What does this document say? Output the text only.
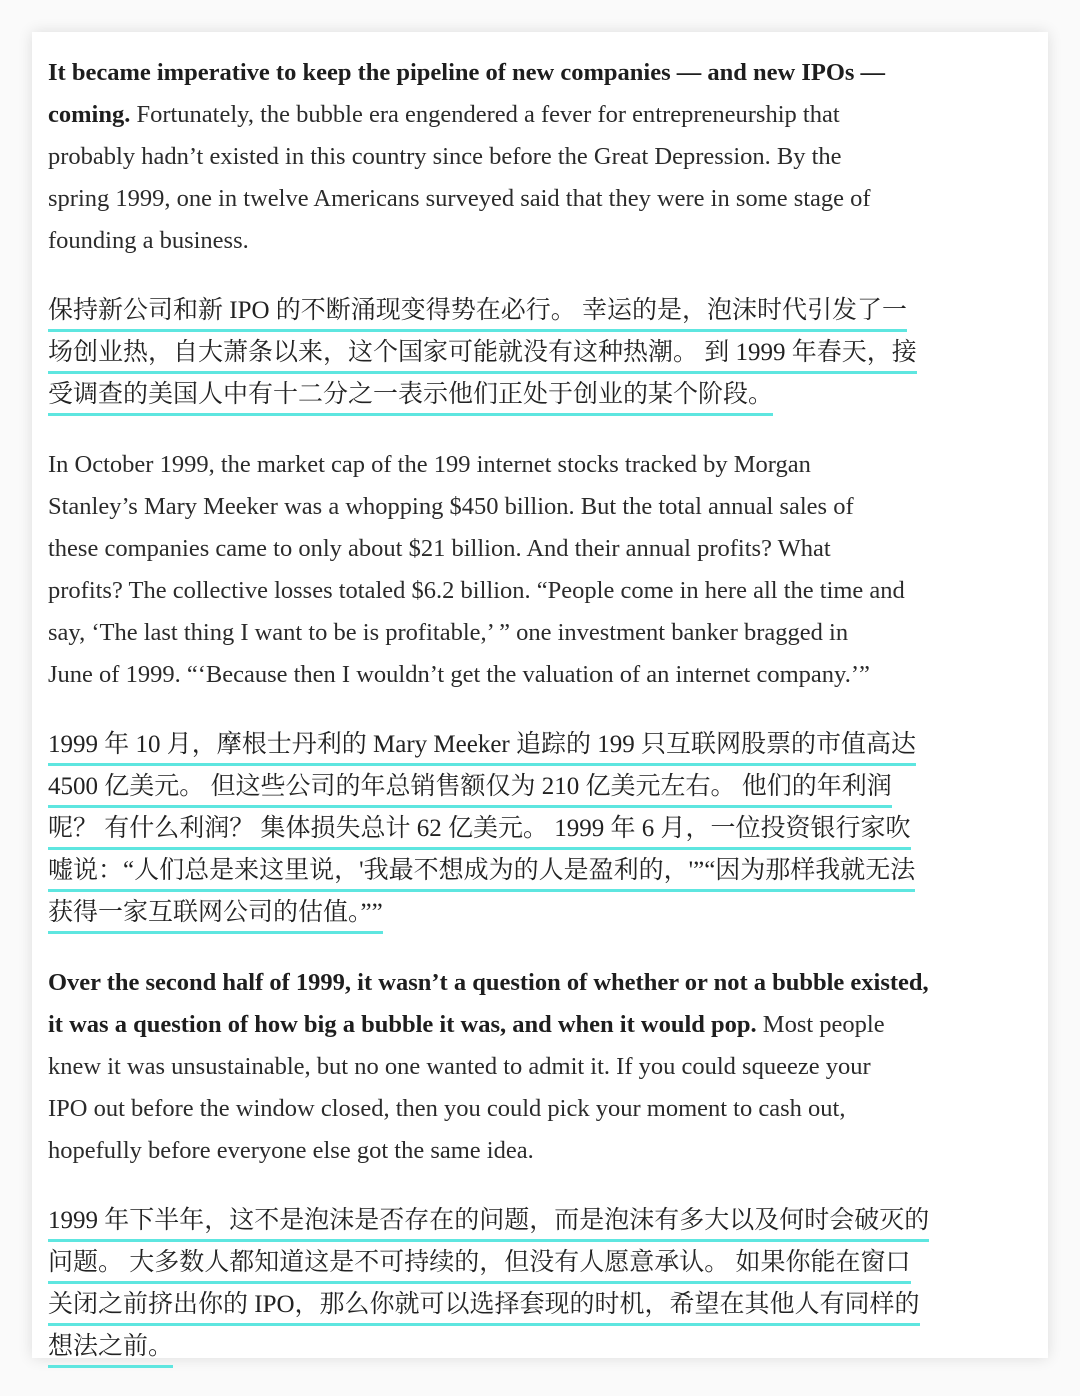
It became imperative to keep the pipeline of new companies — and new IPOs —
coming. Fortunately, the bubble era engendered a fever for entrepreneurship that
probably hadn’t existed in this country since before the Great Depression. By the
spring 1999, one in twelve Americans surveyed said that they were in some stage of
founding a business.
保持新公司和新 IPO 的不断涌现变得势在必行。 幸运的是，泡沫时代引发了一
场创业热，自大萧条以来，这个国家可能就没有这种热潮。 到 1999 年春天，接
受调查的美国人中有十二分之一表示他们正处于创业的某个阶段。
In October 1999, the market cap of the 199 internet stocks tracked by Morgan
Stanley’s Mary Meeker was a whopping $450 billion. But the total annual sales of
these companies came to only about $21 billion. And their annual profits? What
profits? The collective losses totaled $6.2 billion. “People come in here all the time and
say, ‘The last thing I want to be is profitable,’ ” one investment banker bragged in
June of 1999. “‘Because then I wouldn’t get the valuation of an internet company.’”
1999 年 10 月，摩根士丹利的 Mary Meeker 追踪的 199 只互联网股票的市值高达
4500 亿美元。 但这些公司的年总销售额仅为 210 亿美元左右。 他们的年利润
呢？ 有什么利润？ 集体损失总计 62 亿美元。 1999 年 6 月，一位投资银行家吹
嘘说：“人们总是来这里说，'我最不想成为的人是盈利的，'”“因为那样我就无法
获得一家互联网公司的估值。””
Over the second half of 1999, it wasn’t a question of whether or not a bubble existed,
it was a question of how big a bubble it was, and when it would pop. Most people
knew it was unsustainable, but no one wanted to admit it. If you could squeeze your
IPO out before the window closed, then you could pick your moment to cash out,
hopefully before everyone else got the same idea.
1999 年下半年，这不是泡沫是否存在的问题，而是泡沫有多大以及何时会破灭的
问题。 大多数人都知道这是不可持续的，但没有人愿意承认。 如果你能在窗口
关闭之前挤出你的 IPO，那么你就可以选择套现的时机，希望在其他人有同样的
想法之前。
